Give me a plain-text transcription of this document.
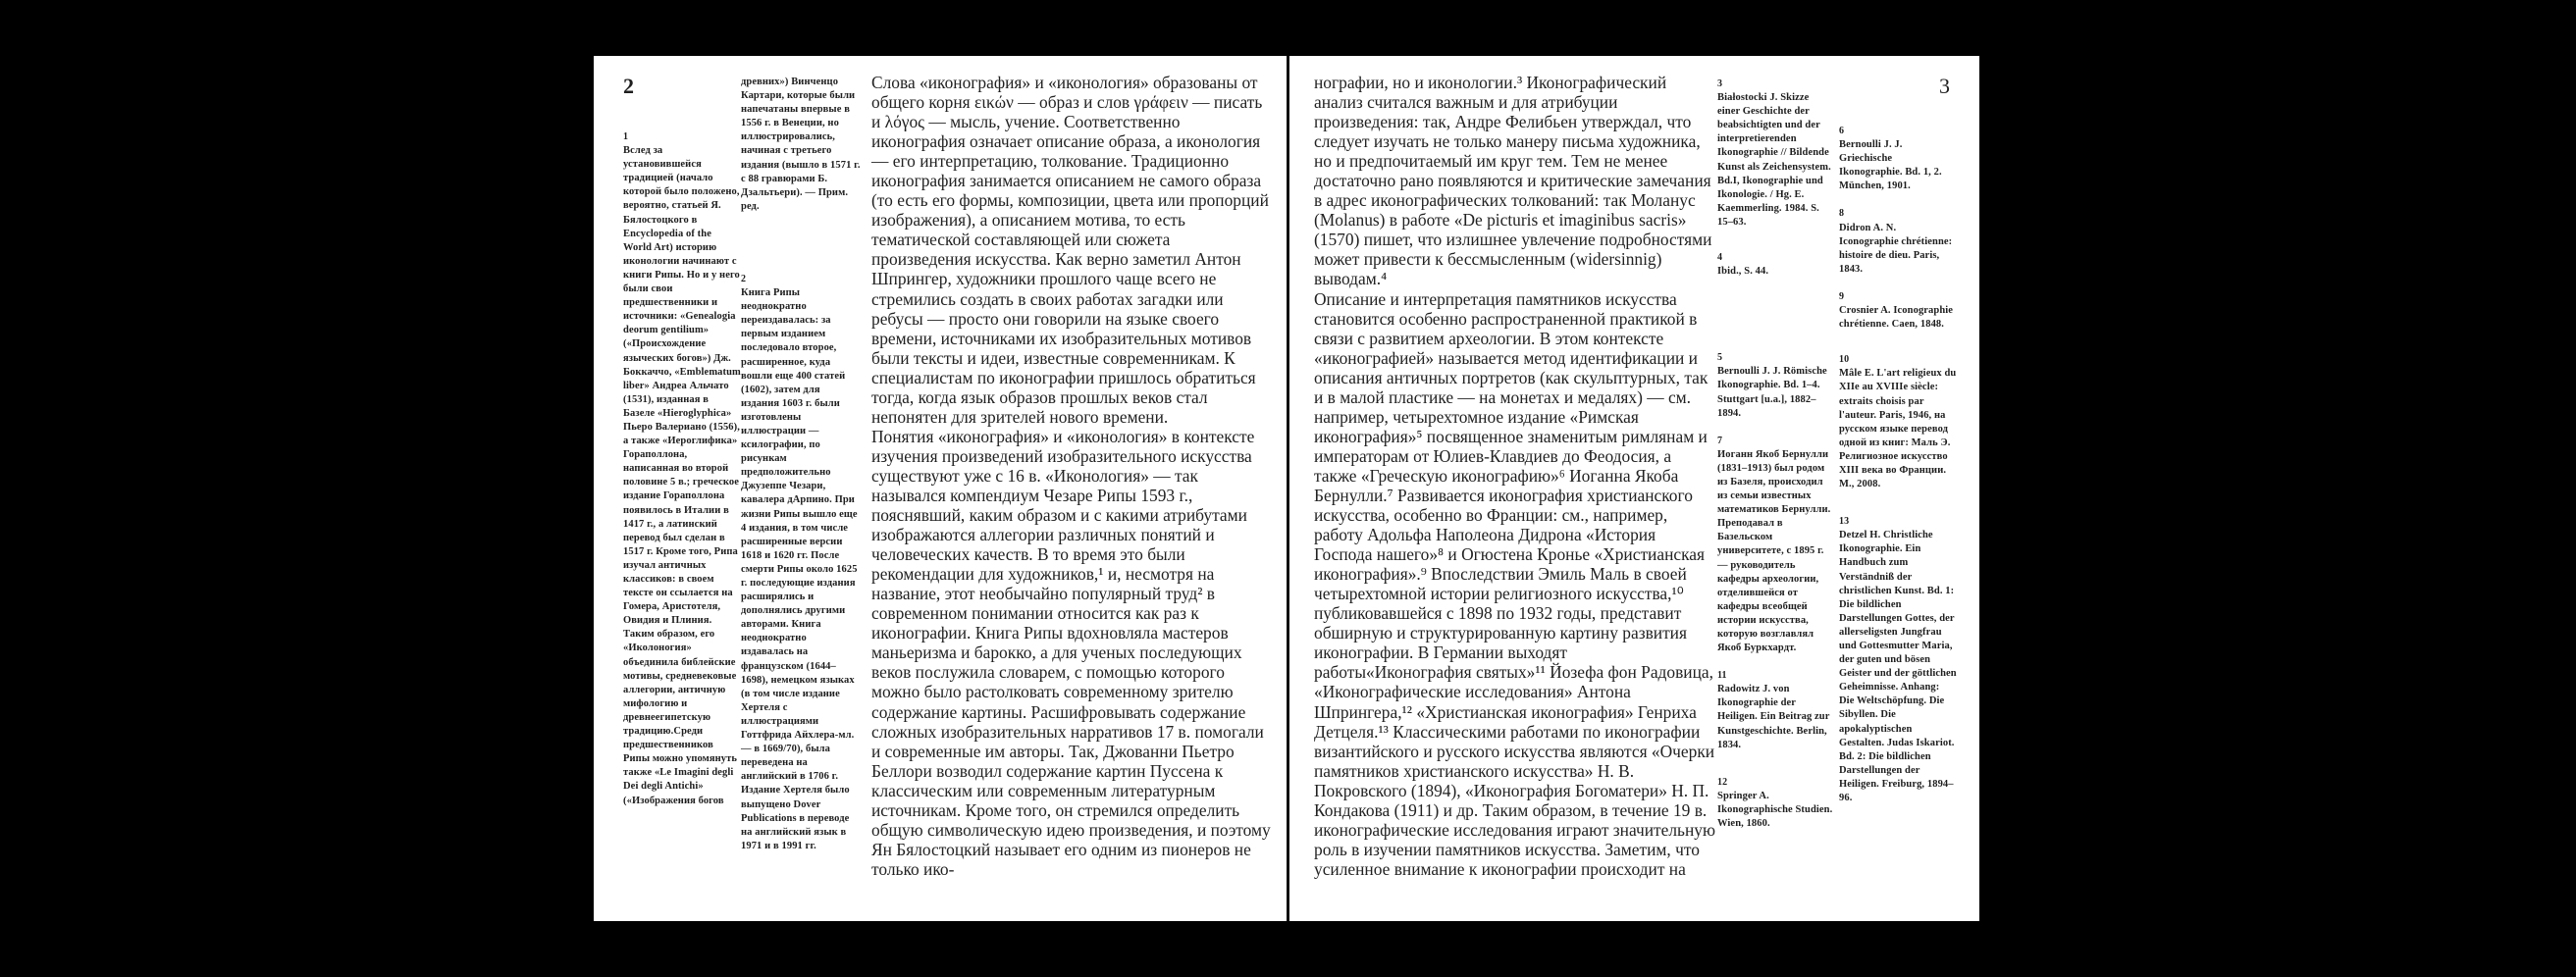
2
1
Вслед за установившейся традицией (начало которой было положено, вероятно, статьей Я. Бялостоцкого в Encyclopedia of the World Art) историю иконологии начинают с книги Рипы. Но и у него были свои предшественники и источники: «Genealogia deorum gentilium» («Происхождение языческих богов») Дж. Боккаччо, «Emblematum liber» Андреа Альчато (1531), изданная в Базеле «Hieroglyphica» Пьеро Валериано (1556), а также «Иероглифика» Гораполлона, написанная во второй половине 5 в.; греческое издание Гораполлона появилось в Италии в 1417 г., а латинский перевод был сделан в 1517 г. Кроме того, Рипа изучал античных классиков: в своем тексте он ссылается на Гомера, Аристотеля, Овидия и Плиния. Таким образом, его «Иколоногия» объединила библейские мотивы, средневековые аллегории, античную мифологию и древнеегипетскую традицию.Среди предшественников Рипы можно упомянуть также «Le Imagini degli Dei degli Antichi» («Изображения богов
древних») Винченцо Картари, которые были напечатаны впервые в 1556 г. в Венеции, но иллюстрировались, начиная с третьего издания (вышло в 1571 г. с 88 гравюрами Б. Дзальтьери). — Прим. ред.
2
Книга Рипы неоднократно переиздавалась: за первым изданием последовало второе, расширенное, куда вошли еще 400 статей (1602), затем для издания 1603 г. были изготовлены иллюстрации — ксилографии, по рисункам предположительно Джузеппе Чезари, кавалера дАрпино. При жизни Рипы вышло еще 4 издания, в том числе расширенные версии 1618 и 1620 гг. После смерти Рипы около 1625 г. последующие издания расширялись и дополнялись другими авторами. Книга неоднократно издавалась на французском (1644–1698), немецком языках (в том числе издание Хертеля с иллюстрациями Готтфрида Айхлера-мл. — в 1669/70), была переведена на английский в 1706 г. Издание Хертеля было выпущено Dover Publications в переводе на английский язык в 1971 и в 1991 гг.

Слова «иконография» и «иконология» образованы от общего корня εικών — образ и слов γράφειν — писать и λόγος — мысль, учение. Соответственно иконография означает описание образа, а иконология — его интерпретацию, толкование. Традиционно иконография занимается описанием не самого образа (то есть его формы, композиции, цвета или пропорций изображения), а описанием мотива, то есть тематической составляющей или сюжета произведения искусства. Как верно заметил Антон Шпрингер, художники прошлого чаще всего не стремились создать в своих работах загадки или ребусы — просто они говорили на языке своего времени, источниками их изобразительных мотивов были тексты и идеи, известные современникам. К специалистам по иконографии пришлось обратиться тогда, когда язык образов прошлых веков стал непонятен для зрителей нового времени.

Понятия «иконография» и «иконология» в контексте изучения произведений изобразительного искусства существуют уже с 16 в. «Иконология» — так назывался компендиум Чезаре Рипы 1593 г., пояснявший, каким образом и с какими атрибутами изображаются аллегории различных понятий и человеческих качеств. В то время это были рекомендации для художников,¹ и, несмотря на название, этот необычайно популярный труд² в современном понимании относится как раз к иконографии. Книга Рипы вдохновляла мастеров маньеризма и барокко, а для ученых последующих веков послужила словарем, с помощью которого можно было растолковать современному зрителю содержание картины. Расшифровывать содержание сложных изобразительных нарративов 17 в. помогали и современные им авторы. Так, Джованни Пьетро Беллори возводил содержание картин Пуссена к классическим или современным литературным источникам. Кроме того, он стремился определить общую символическую идею произведения, и поэтому Ян Бялостоцкий называет его одним из пионеров не только ико-

3

нографии, но и иконологии.³ Иконографический анализ считался важным и для атрибуции произведения: так, Андре Фелибьен утверждал, что следует изучать не только манеру письма художника, но и предпочитаемый им круг тем. Тем не менее достаточно рано появляются и критические замечания в адрес иконографических толкований: так Моланус (Molanus) в работе «De picturis et imaginibus sacris» (1570) пишет, что излишнее увлечение подробностями может привести к бессмысленным (widersinnig) выводам.⁴

Описание и интерпретация памятников искусства становится особенно распространенной практикой в связи с развитием археологии. В этом контексте «иконографией» называется метод идентификации и описания античных портретов (как скульптурных, так и в малой пластике — на монетах и медалях) — см. например, четырехтомное издание «Римская иконография»⁵ посвященное знаменитым римлянам и императорам от Юлиев-Клавдиев до Феодосия, а также «Греческую иконографию»⁶ Иоганна Якоба Бернулли.⁷ Развивается иконография христианского искусства, особенно во Франции: см., например, работу Адольфа Наполеона Дидрона «История Господа нашего»⁸ и Огюстена Кронье «Христианская иконография».⁹ Впоследствии Эмиль Маль в своей четырехтомной истории религиозного искусства,¹⁰ публиковавшейся с 1898 по 1932 годы, представит обширную и структурированную картину развития иконографии. В Германии выходят работы«Иконография святых»¹¹ Йозефа фон Радовица, «Иконографические исследования» Антона Шпрингера,¹² «Христианская иконография» Генриха Детцеля.¹³ Классическими работами по иконографии византийского и русского искусства являются «Очерки памятников христианского искусства» Н. В. Покровского (1894), «Иконография Богоматери» Н. П. Кондакова (1911) и др. Таким образом, в течение 19 в. иконографические исследования играют значительную роль в изучении памятников искусства. Заметим, что усиленное внимание к иконографии происходит на

3
Białostocki J. Skizze einer Geschichte der beabsichtigten und der interpretierenden Ikonographie // Bildende Kunst als Zeichensystem. Bd.I, Ikonographie und Ikonologie. / Hg. E. Kaemmerling. 1984. S. 15–63.
4
Ibid., S. 44.
5
Bernoulli J. J. Römische Ikonographie. Bd. 1–4. Stuttgart [u.a.], 1882–1894.
7
Иоганн Якоб Бернулли (1831–1913) был родом из Базеля, происходил из семьи известных математиков Бернулли. Преподавал в Базельском университете, с 1895 г. — руководитель кафедры археологии, отделившейся от кафедры всеобщей истории искусства, которую возглавлял Якоб Буркхардт.
11
Radowitz J. von Ikonographie der Heiligen. Ein Beitrag zur Kunstgeschichte. Berlin, 1834.
12
Springer A. Ikonographische Studien. Wien, 1860.
6
Bernoulli J. J. Griechische Ikonographie. Bd. 1, 2. München, 1901.
8
Didron A. N. Iconographie chrétienne: histoire de dieu. Paris, 1843.
9
Crosnier A. Iconographie chrétienne. Caen, 1848.
10
Mâle E. L'art religieux du XIIe au XVIIIe siècle: extraits choisis par l'auteur. Paris, 1946, на русском языке перевод одной из книг: Маль Э. Религиозное искусство XIII века во Франции. М., 2008.
13
Detzel H. Christliche Ikonographie. Ein Handbuch zum Verständniß der christlichen Kunst. Bd. 1: Die bildlichen Darstellungen Gottes, der allerseligsten Jungfrau und Gottesmutter Maria, der guten und bösen Geister und der göttlichen Geheimnisse. Anhang: Die Weltschöpfung. Die Sibyllen. Die apokalyptischen Gestalten. Judas Iskariot. Bd. 2: Die bildlichen Darstellungen der Heiligen. Freiburg, 1894–96.
